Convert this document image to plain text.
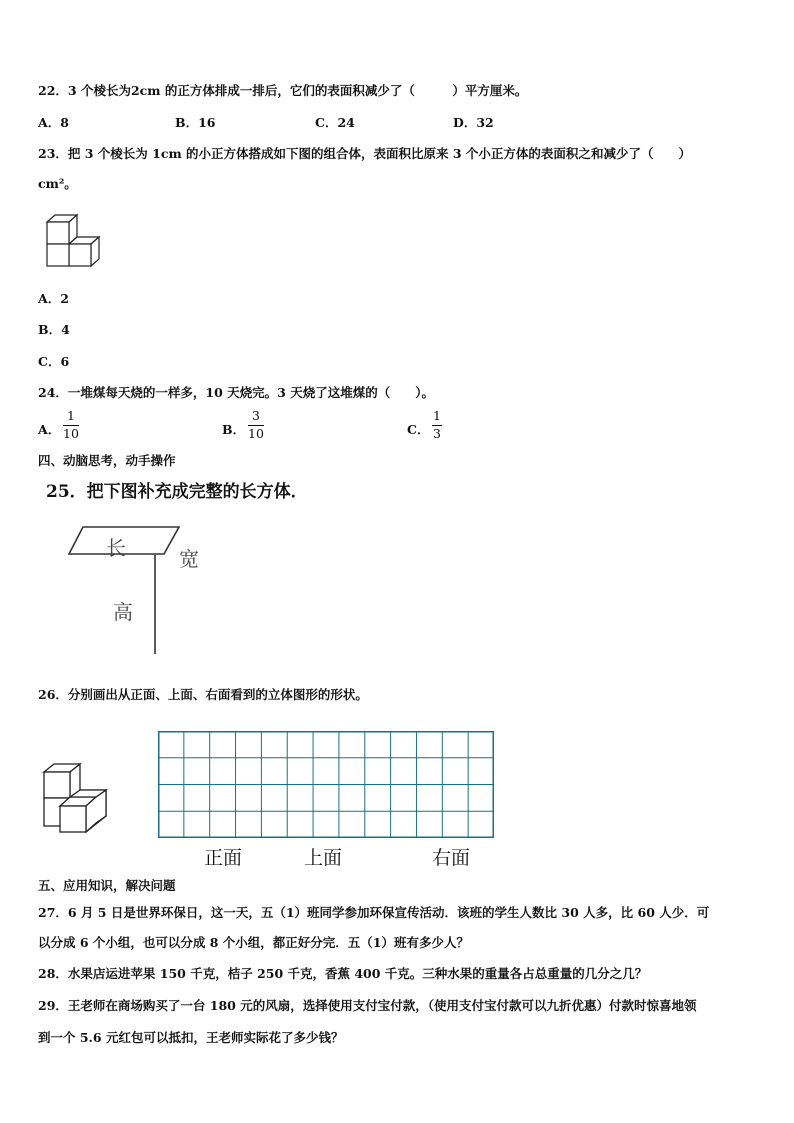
22．3 个棱长为2cm 的正方体排成一排后，它们的表面积减少了（　　　）平方厘米。
A．8	B．16	C．24	D．32
23．把 3 个棱长为 1cm 的小正方体搭成如下图的组合体，表面积比原来 3 个小正方体的表面积之和减少了（　　）
cm²。
A．2
B．4
C．6
24．一堆煤每天烧的一样多，10 天烧完。3 天烧了这堆煤的（　　）。
A． $\frac{1}{10}$	B． $\frac{3}{10}$	C． $\frac{1}{3}$
四、动脑思考，动手操作
25．把下图补充成完整的长方体．
长	宽
高
26．分别画出从正面、上面、右面看到的立体图形的形状。
正面	上面	右面
五、应用知识，解决问题
27．6 月 5 日是世界环保日，这一天，五（1）班同学参加环保宣传活动．该班的学生人数比 30 人多，比 60 人少．可
以分成 6 个小组，也可以分成 8 个小组，都正好分完．五（1）班有多少人？
28．水果店运进苹果 150 千克，桔子 250 千克，香蕉 400 千克。三种水果的重量各占总重量的几分之几？
29．王老师在商场购买了一台 180 元的风扇，选择使用支付宝付款，（使用支付宝付款可以九折优惠）付款时惊喜地领
到一个 5.6 元红包可以抵扣，王老师实际花了多少钱？
